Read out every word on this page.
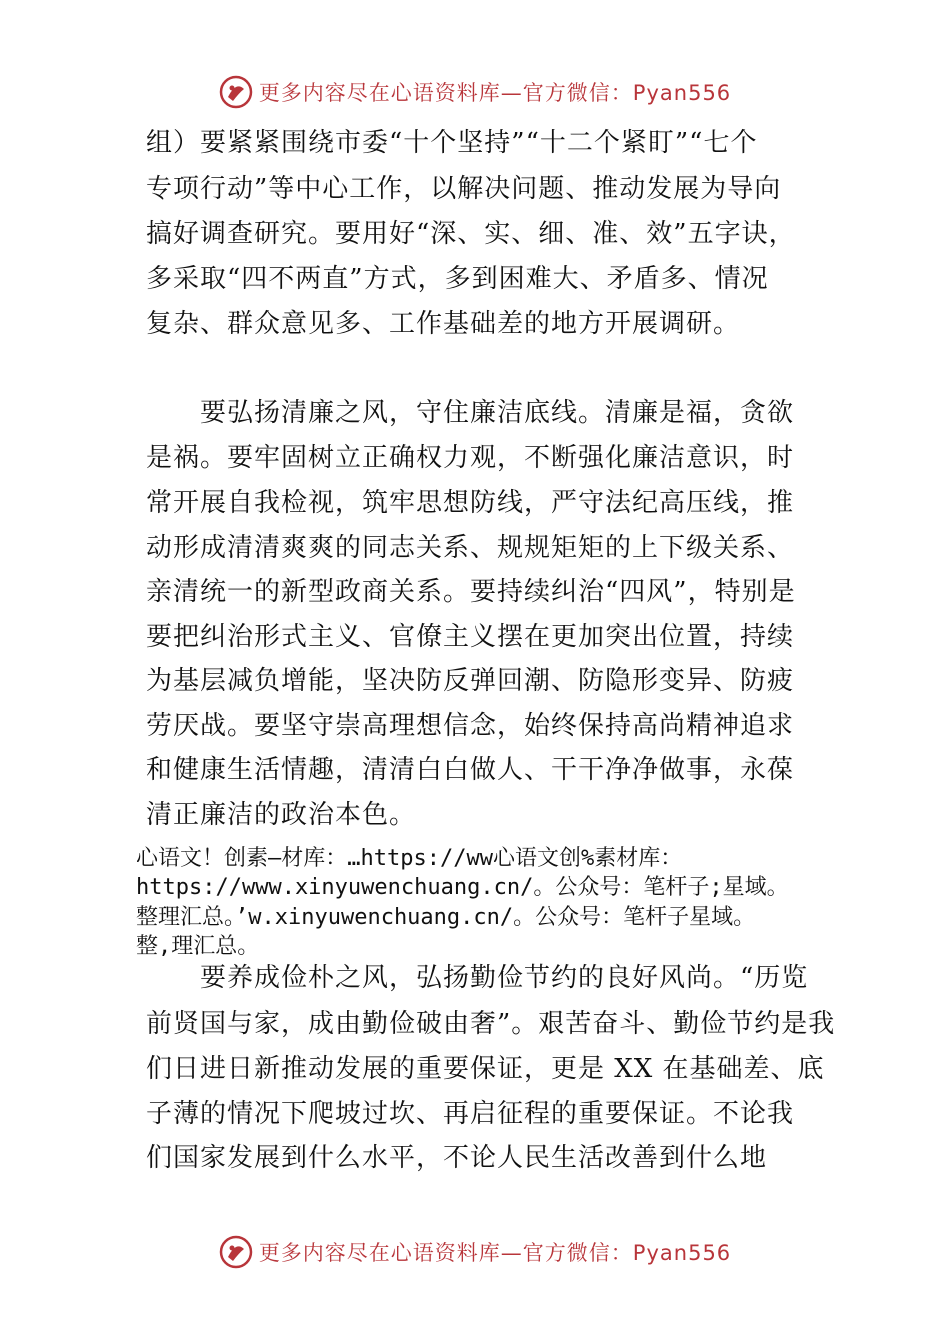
更多内容尽在心语资料库—官方微信：Pyan556
组）要紧紧围绕市委“十个坚持”“十二个紧盯”“七个
专项行动”等中心工作，以解决问题、推动发展为导向
搞好调查研究。要用好“深、实、细、准、效”五字诀，
多采取“四不两直”方式，多到困难大、矛盾多、情况
复杂、群众意见多、工作基础差的地方开展调研。
要弘扬清廉之风，守住廉洁底线。清廉是福，贪欲
是祸。要牢固树立正确权力观，不断强化廉洁意识，时
常开展自我检视，筑牢思想防线，严守法纪高压线，推
动形成清清爽爽的同志关系、规规矩矩的上下级关系、
亲清统一的新型政商关系。要持续纠治“四风”，特别是
要把纠治形式主义、官僚主义摆在更加突出位置，持续
为基层减负增能，坚决防反弹回潮、防隐形变异、防疲
劳厌战。要坚守崇高理想信念，始终保持高尚精神追求
和健康生活情趣，清清白白做人、干干净净做事，永葆
清正廉洁的政治本色。
心语文！创素—材库：…https://ww心语文创%素材库：
https://www.xinyuwenchuang.cn/。公众号：笔杆子;星域。
整理汇总。’w.xinyuwenchuang.cn/。公众号：笔杆子星域。
整,理汇总。
要养成俭朴之风，弘扬勤俭节约的良好风尚。“历览
前贤国与家，成由勤俭破由奢”。艰苦奋斗、勤俭节约是我
们日进日新推动发展的重要保证，更是 XX 在基础差、底
子薄的情况下爬坡过坎、再启征程的重要保证。不论我
们国家发展到什么水平，不论人民生活改善到什么地
更多内容尽在心语资料库—官方微信：Pyan556
